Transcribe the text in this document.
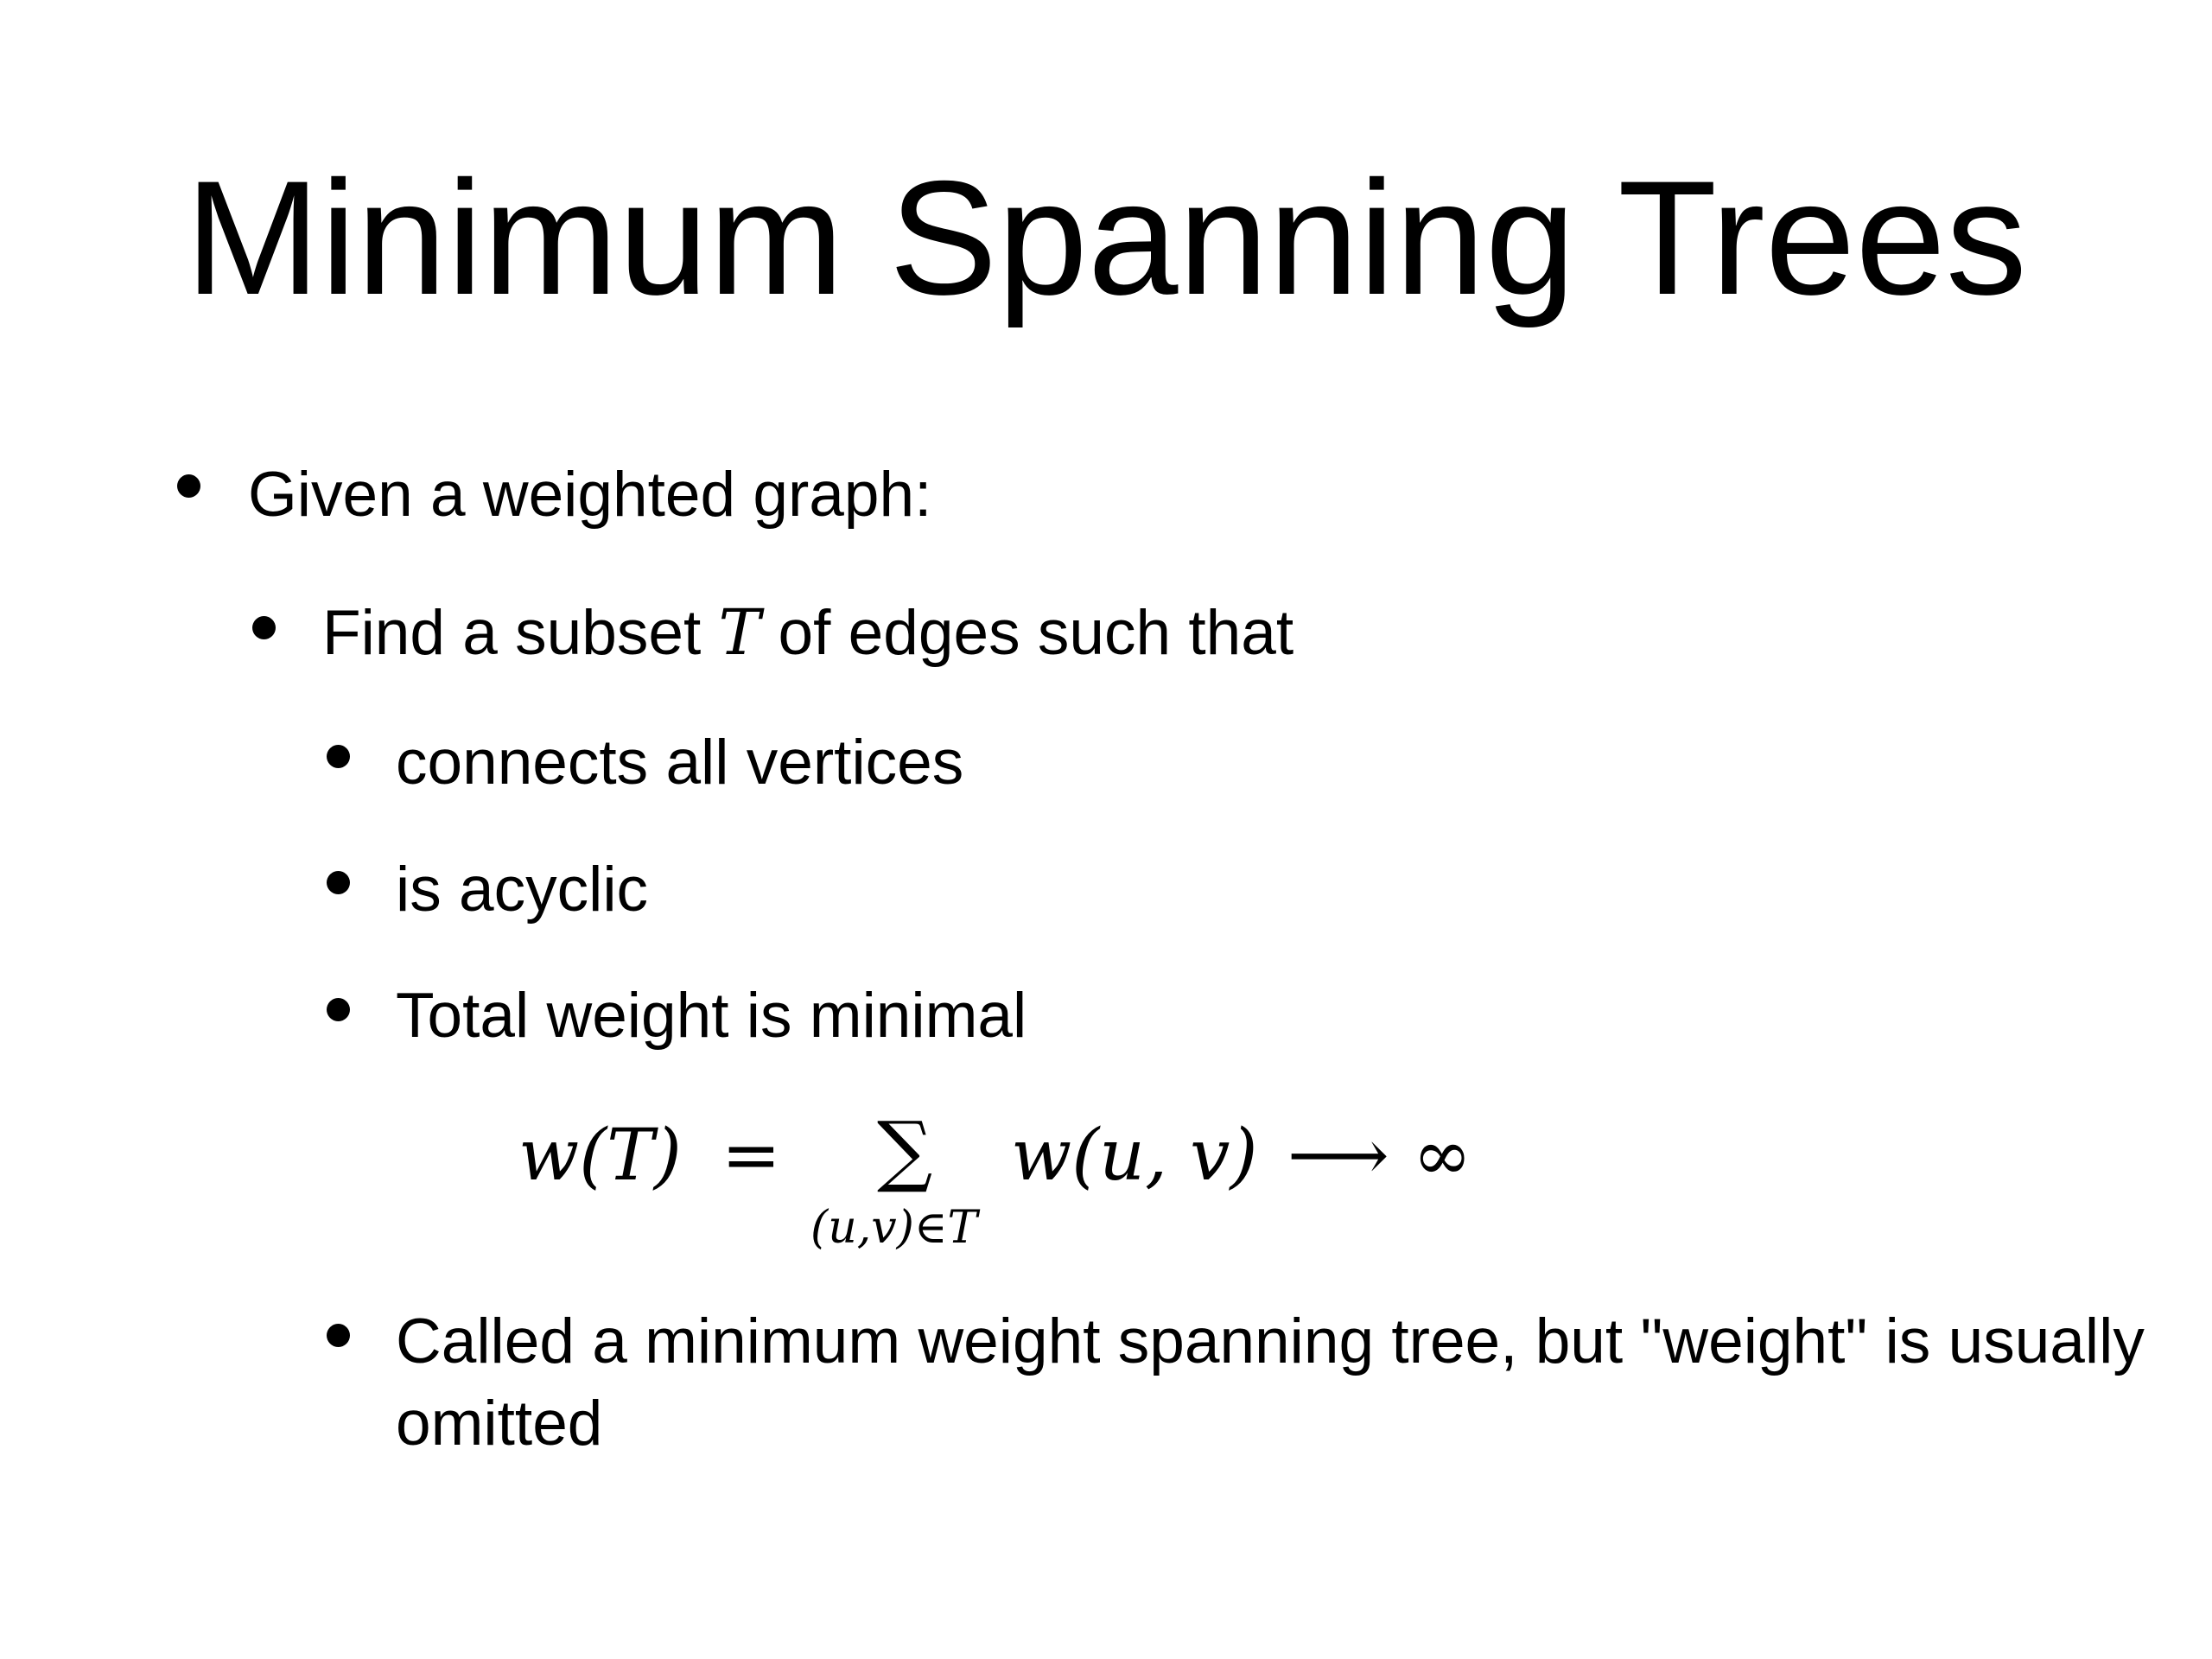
Minimum Spanning Trees
Given a weighted graph:
Find a subset T of edges such that
connects all vertices
is acyclic
Total weight is minimal
w(T) = ∑
(u,v)∈T
w(u, v) ⟶ ∞
Called a minimum weight spanning tree, but "weight" is usually omitted
